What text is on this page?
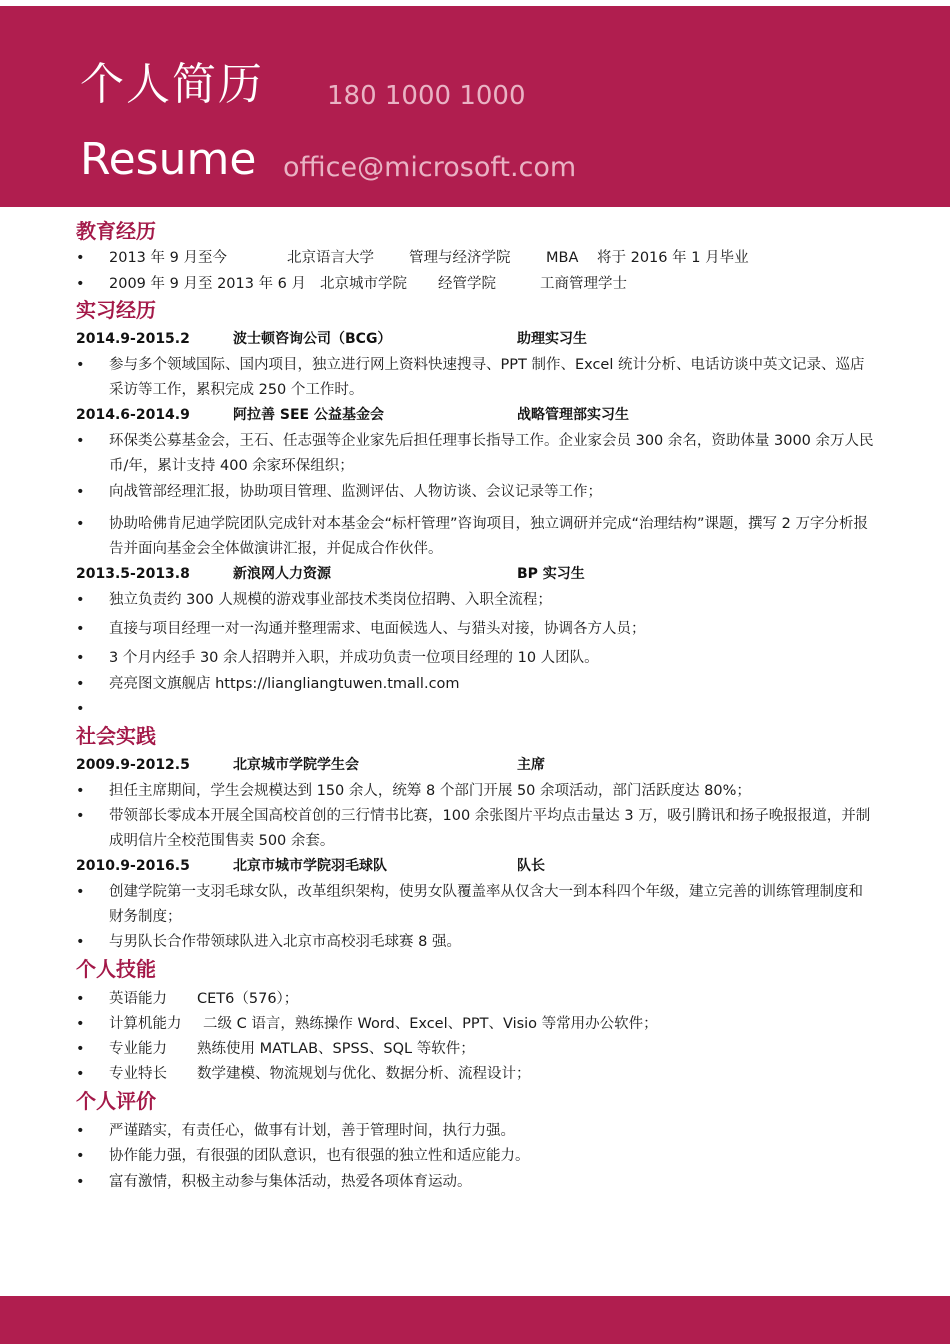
个人简历 180 1000 1000
Resume office@microsoft.com
教育经历
• 2013 年 9 月至今	北京语言大学 管理与经济学院 MBA 将于 2016 年 1 月毕业
• 2009 年 9 月至 2013 年 6 月 北京城市学院 经管学院	工商管理学士
实习经历
2014.9-2015.2	波士顿咨询公司（BCG）	助理实习生
• 参与多个领域国际、国内项目，独立进行网上资料快速搜寻、PPT 制作、Excel 统计分析、电话访谈中英文记录、巡店采访等工作，累积完成 250 个工作时。
2014.6-2014.9	阿拉善 SEE 公益基金会	战略管理部实习生
• 环保类公募基金会，王石、任志强等企业家先后担任理事长指导工作。企业家会员 300 余名，资助体量 3000 余万人民币/年，累计支持 400 余家环保组织；
• 向战管部经理汇报，协助项目管理、监测评估、人物访谈、会议记录等工作；
• 协助哈佛肯尼迪学院团队完成针对本基金会“标杆管理”咨询项目，独立调研并完成“治理结构”课题，撰写 2 万字分析报告并面向基金会全体做演讲汇报，并促成合作伙伴。
2013.5-2013.8	新浪网人力资源	BP 实习生
• 独立负责约 300 人规模的游戏事业部技术类岗位招聘、入职全流程；
• 直接与项目经理一对一沟通并整理需求、电面候选人、与猎头对接，协调各方人员；
• 3 个月内经手 30 余人招聘并入职，并成功负责一位项目经理的 10 人团队。
• 亮亮图文旗舰店 https://liangliangtuwen.tmall.com
•
社会实践
2009.9-2012.5	北京城市学院学生会	主席
• 担任主席期间，学生会规模达到 150 余人，统筹 8 个部门开展 50 余项活动，部门活跃度达 80%；
• 带领部长零成本开展全国高校首创的三行情书比赛，100 余张图片平均点击量达 3 万，吸引腾讯和扬子晚报报道，并制成明信片全校范围售卖 500 余套。
2010.9-2016.5	北京市城市学院羽毛球队	队长
• 创建学院第一支羽毛球女队，改革组织架构，使男女队覆盖率从仅含大一到本科四个年级，建立完善的训练管理制度和财务制度；
• 与男队长合作带领球队进入北京市高校羽毛球赛 8 强。
个人技能
• 英语能力 CET6（576）；
• 计算机能力 二级 C 语言，熟练操作 Word、Excel、PPT、Visio 等常用办公软件；
• 专业能力 熟练使用 MATLAB、SPSS、SQL 等软件；
• 专业特长 数学建模、物流规划与优化、数据分析、流程设计；
个人评价
• 严谨踏实，有责任心，做事有计划，善于管理时间，执行力强。
• 协作能力强，有很强的团队意识，也有很强的独立性和适应能力。
• 富有激情，积极主动参与集体活动，热爱各项体育运动。
